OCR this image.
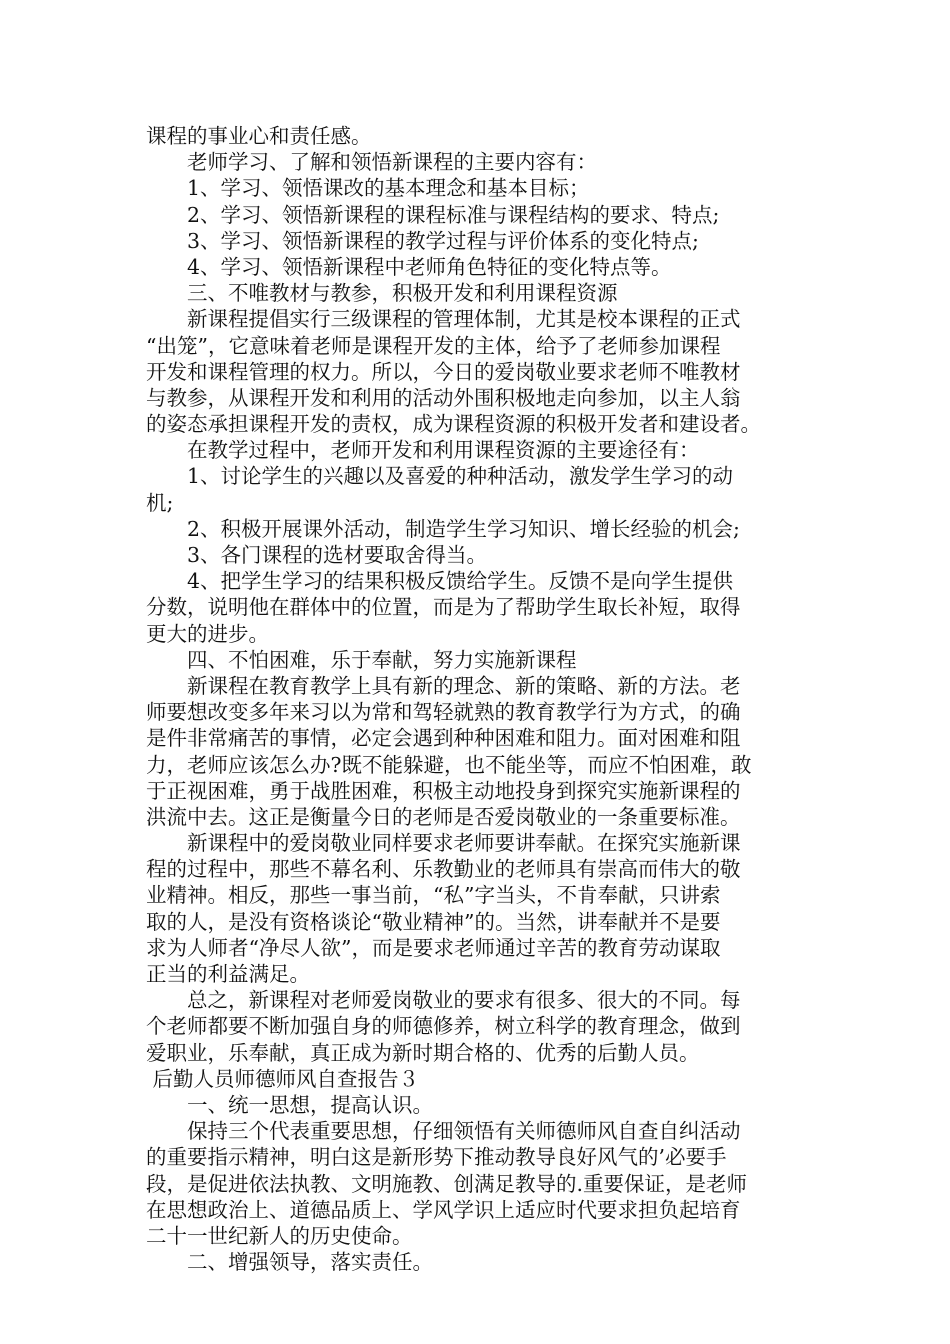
课程的事业心和责任感。
　　老师学习、了解和领悟新课程的主要内容有：
　　1、学习、领悟课改的基本理念和基本目标；
　　2、学习、领悟新课程的课程标准与课程结构的要求、特点;
　　3、学习、领悟新课程的教学过程与评价体系的变化特点;
　　4、学习、领悟新课程中老师角色特征的变化特点等。
　　三、不唯教材与教参，积极开发和利用课程资源
　　新课程提倡实行三级课程的管理体制，尤其是校本课程的正式
“出笼”，它意味着老师是课程开发的主体，给予了老师参加课程
开发和课程管理的权力。所以，今日的爱岗敬业要求老师不唯教材
与教参，从课程开发和利用的活动外围积极地走向参加，以主人翁
的姿态承担课程开发的责权，成为课程资源的积极开发者和建设者。
　　在教学过程中，老师开发和利用课程资源的主要途径有：
　　1、讨论学生的兴趣以及喜爱的种种活动，激发学生学习的动
机;
　　2、积极开展课外活动，制造学生学习知识、增长经验的机会;
　　3、各门课程的选材要取舍得当。
　　4、把学生学习的结果积极反馈给学生。反馈不是向学生提供
分数，说明他在群体中的位置，而是为了帮助学生取长补短，取得
更大的进步。
　　四、不怕困难，乐于奉献，努力实施新课程
　　新课程在教育教学上具有新的理念、新的策略、新的方法。老
师要想改变多年来习以为常和驾轻就熟的教育教学行为方式，的确
是件非常痛苦的事情，必定会遇到种种困难和阻力。面对困难和阻
力，老师应该怎么办?既不能躲避，也不能坐等，而应不怕困难，敢
于正视困难，勇于战胜困难，积极主动地投身到探究实施新课程的
洪流中去。这正是衡量今日的老师是否爱岗敬业的一条重要标准。
　　新课程中的爱岗敬业同样要求老师要讲奉献。在探究实施新课
程的过程中，那些不幕名利、乐教勤业的老师具有崇高而伟大的敬
业精神。相反，那些一事当前，“私”字当头，不肯奉献，只讲索
取的人，是没有资格谈论“敬业精神”的。当然，讲奉献并不是要
求为人师者“净尽人欲”，而是要求老师通过辛苦的教育劳动谋取
正当的利益满足。
　　总之，新课程对老师爱岗敬业的要求有很多、很大的不同。每
个老师都要不断加强自身的师德修养，树立科学的教育理念，做到
爱职业，乐奉献，真正成为新时期合格的、优秀的后勤人员。
后勤人员师德师风自查报告３
　　一、统一思想，提高认识。
　　保持三个代表重要思想，仔细领悟有关师德师风自查自纠活动
的重要指示精神，明白这是新形势下推动教导良好风气的’必要手
段，是促进依法执教、文明施教、创满足教导的.重要保证，是老师
在思想政治上、道德品质上、学风学识上适应时代要求担负起培育
二十一世纪新人的历史使命。
　　二、增强领导，落实责任。
